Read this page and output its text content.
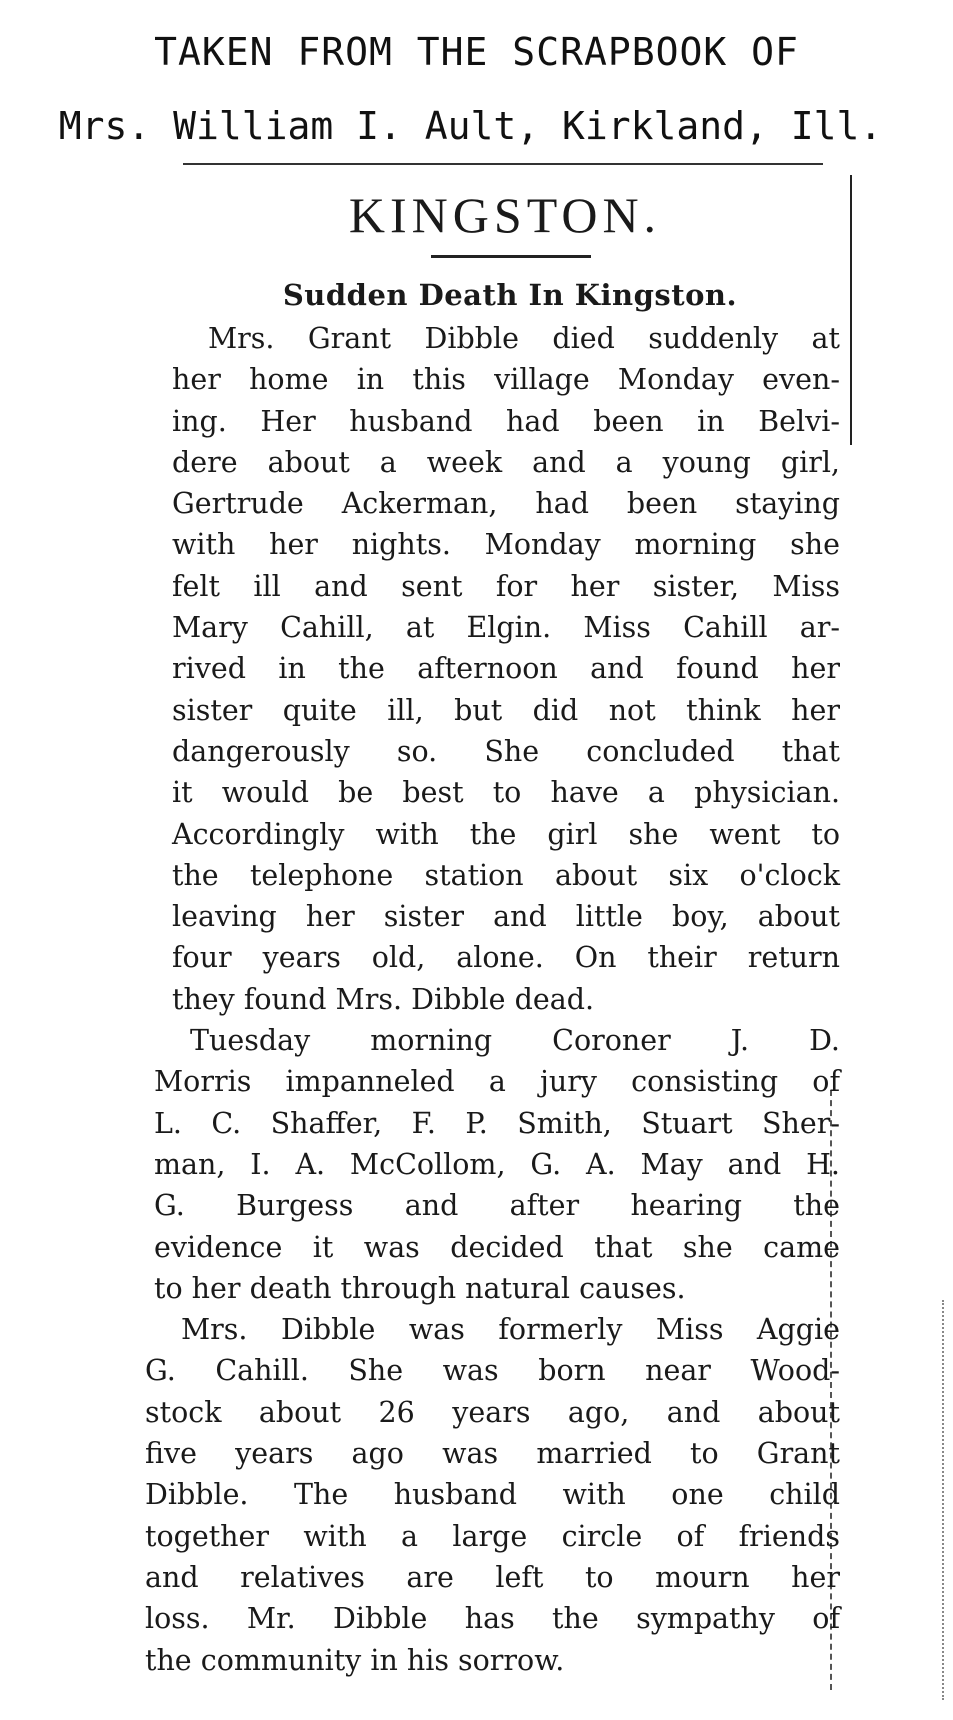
TAKEN FROM THE SCRAPBOOK OF
Mrs. William I. Ault, Kirkland, Ill.
KINGSTON.
Sudden Death In Kingston.
Mrs. Grant Dibble died suddenly at
her home in this village Monday even-
ing. Her husband had been in Belvi-
dere about a week and a young girl,
Gertrude Ackerman, had been staying
with her nights. Monday morning she
felt ill and sent for her sister, Miss
Mary Cahill, at Elgin. Miss Cahill ar-
rived in the afternoon and found her
sister quite ill, but did not think her
dangerously so. She concluded that
it would be best to have a physician.
Accordingly with the girl she went to
the telephone station about six o'clock
leaving her sister and little boy, about
four years old, alone. On their return
they found Mrs. Dibble dead.
Tuesday morning Coroner J. D.
Morris impanneled a jury consisting of
L. C. Shaffer, F. P. Smith, Stuart Sher-
man, I. A. McCollom, G. A. May and H.
G. Burgess and after hearing the
evidence it was decided that she came
to her death through natural causes.
Mrs. Dibble was formerly Miss Aggie
G. Cahill. She was born near Wood-
stock about 26 years ago, and about
five years ago was married to Grant
Dibble. The husband with one child
together with a large circle of friends
and relatives are left to mourn her
loss. Mr. Dibble has the sympathy of
the community in his sorrow.
